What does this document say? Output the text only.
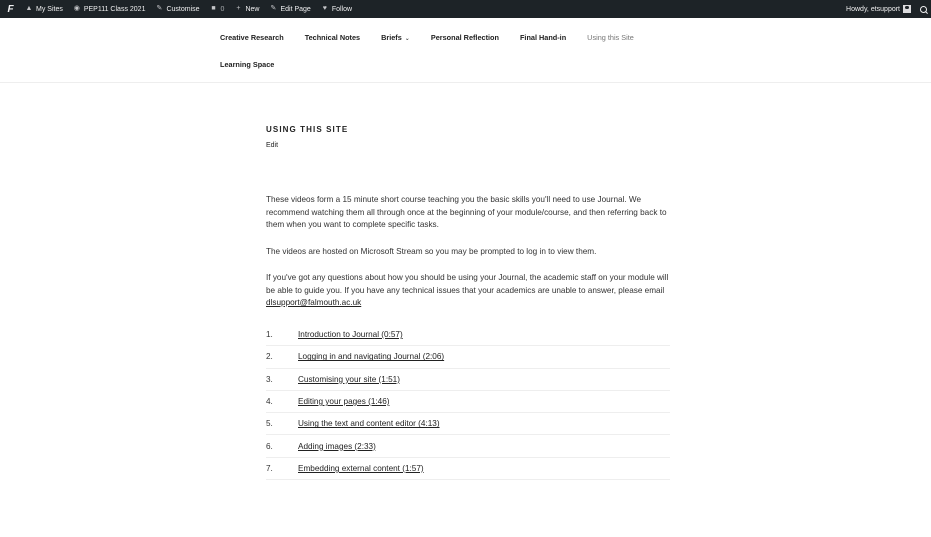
F ▲ My Sites ◉ PEP111 Class 2021 ✎ Customise ■ 0 + New ✎ Edit Page ♥ Follow	Howdy, etsupport
Creative Research	Technical Notes	Briefs ⌄	Personal Reflection	Final Hand-in	Using this Site
Learning Space
USING THIS SITE
Edit

These videos form a 15 minute short course teaching you the basic skills you'll need to use Journal. We recommend watching them all through once at the beginning of your module/course, and then referring back to them when you want to complete specific tasks.

The videos are hosted on Microsoft Stream so you may be prompted to log in to view them.

If you've got any questions about how you should be using your Journal, the academic staff on your module will be able to guide you. If you have any technical issues that your academics are unable to answer, please email dlsupport@falmouth.ac.uk

1.	Introduction to Journal (0:57)
2.	Logging in and navigating Journal (2:06)
3.	Customising your site (1:51)
4.	Editing your pages (1:46)
5.	Using the text and content editor (4:13)
6.	Adding images (2:33)
7.	Embedding external content (1:57)
